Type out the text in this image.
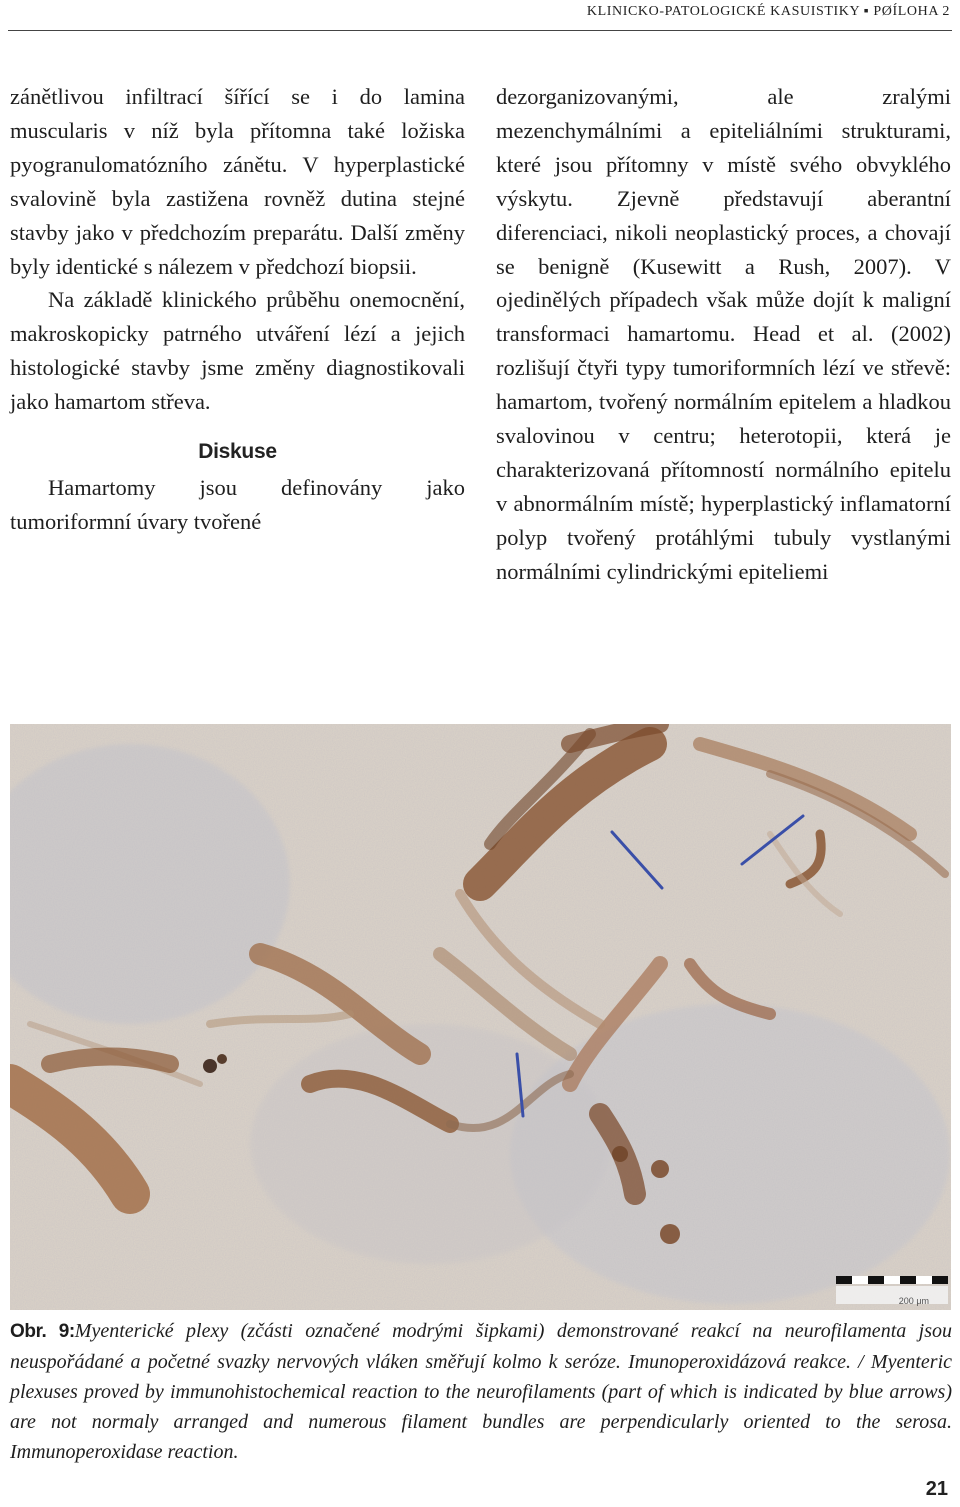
KLINICKO-PATOLOGICKÉ KASUISTIKY ▪ PØÍLOHA 2

zánětlivou infiltrací šířící se i do lamina muscularis v níž byla přítomna také ložiska pyogranulomatózního zánětu. V hyperplastické svalovině byla zastižena rovněž dutina stejné stavby jako v předchozím preparátu. Další změny byly identické s nálezem v předchozí biopsii.

Na základě klinického průběhu onemocnění, makroskopicky patrného utváření lézí a jejich histologické stavby jsme změny diagnostikovali jako hamartom střeva.

Diskuse

Hamartomy jsou definovány jako tumoriformní úvary tvořené

dezorganizovanými, ale zralými mezenchymálními a epiteliálními strukturami, které jsou přítomny v místě svého obvyklého výskytu. Zjevně představují aberantní diferenciaci, nikoli neoplastický proces, a chovají se benigně (Kusewitt a Rush, 2007). V ojedinělých případech však může dojít k maligní transformaci hamartomu. Head et al. (2002) rozlišují čtyři typy tumoriformních lézí ve střevě: hamartom, tvořený normálním epitelem a hladkou svalovinou v centru; heterotopii, která je charakterizovaná přítomností normálního epitelu v abnormálním místě; hyperplastický inflamatorní polyp tvořený protáhlými tubuly vystlanými normálními cylindrickými epiteliemi

200 μm
Obr. 9:Myenterické plexy (zčásti označené modrými šipkami) demonstrované reakcí na neurofilamenta jsou neuspořádané a početné svazky nervových vláken směřují kolmo k seróze. Imunoperoxidázová reakce. / Myenteric plexuses proved by immunohistochemical reaction to the neurofilaments (part of which is indicated by blue arrows) are not normaly arranged and numerous filament bundles are perpendicularly oriented to the serosa. Immunoperoxidase reaction.
21
